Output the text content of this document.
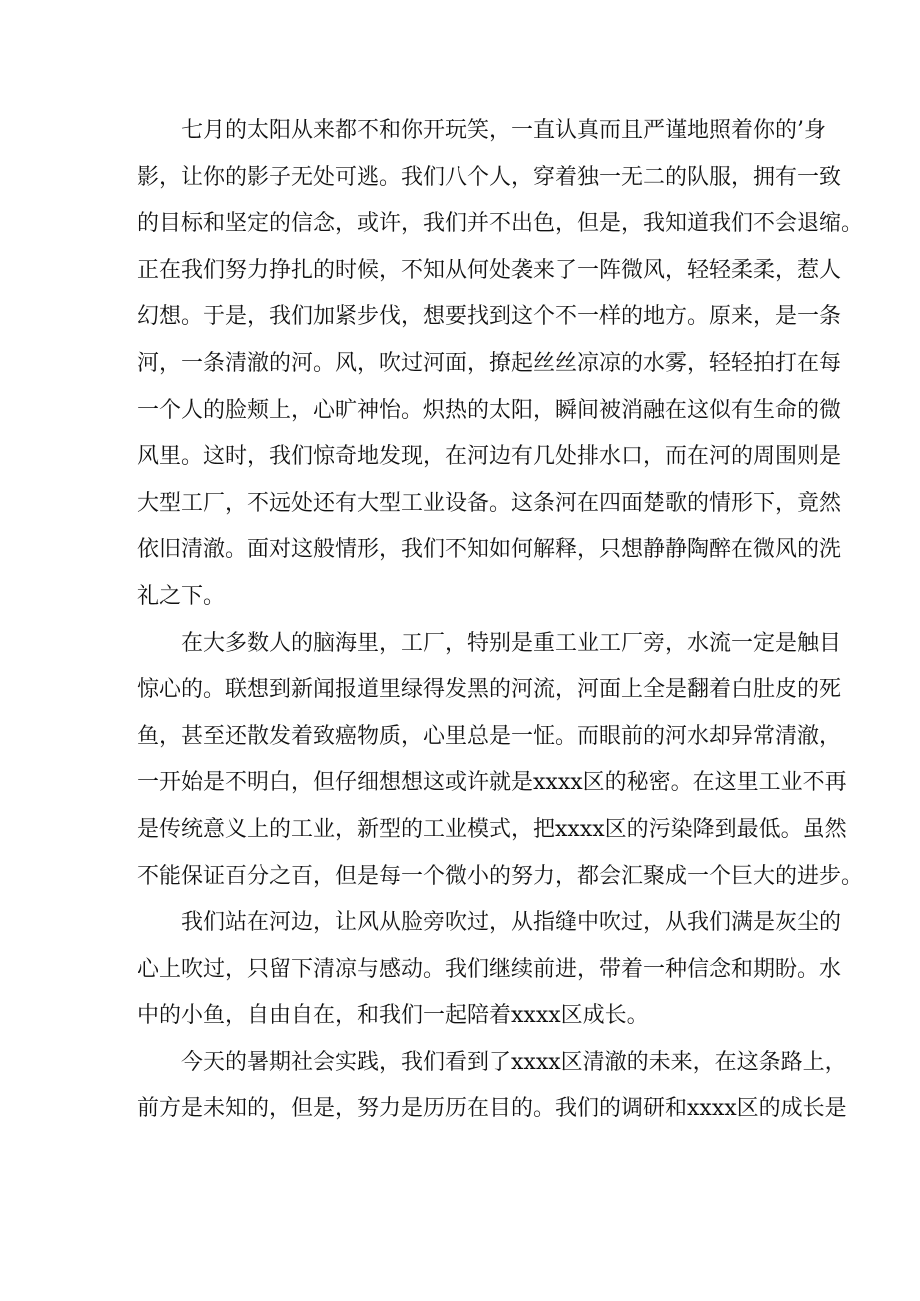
七月的太阳从来都不和你开玩笑，一直认真而且严谨地照着你的’身
影，让你的影子无处可逃。我们八个人，穿着独一无二的队服，拥有一致
的目标和坚定的信念，或许，我们并不出色，但是，我知道我们不会退缩。
正在我们努力挣扎的时候，不知从何处袭来了一阵微风，轻轻柔柔，惹人
幻想。于是，我们加紧步伐，想要找到这个不一样的地方。原来，是一条
河，一条清澈的河。风，吹过河面，撩起丝丝凉凉的水雾，轻轻拍打在每
一个人的脸颊上，心旷神怡。炽热的太阳，瞬间被消融在这似有生命的微
风里。这时，我们惊奇地发现，在河边有几处排水口，而在河的周围则是
大型工厂，不远处还有大型工业设备。这条河在四面楚歌的情形下，竟然
依旧清澈。面对这般情形，我们不知如何解释，只想静静陶醉在微风的洗
礼之下。
在大多数人的脑海里，工厂，特别是重工业工厂旁，水流一定是触目
惊心的。联想到新闻报道里绿得发黑的河流，河面上全是翻着白肚皮的死
鱼，甚至还散发着致癌物质，心里总是一怔。而眼前的河水却异常清澈，
一开始是不明白，但仔细想想这或许就是xxxx区的秘密。在这里工业不再
是传统意义上的工业，新型的工业模式，把xxxx区的污染降到最低。虽然
不能保证百分之百，但是每一个微小的努力，都会汇聚成一个巨大的进步。
我们站在河边，让风从脸旁吹过，从指缝中吹过，从我们满是灰尘的
心上吹过，只留下清凉与感动。我们继续前进，带着一种信念和期盼。水
中的小鱼，自由自在，和我们一起陪着xxxx区成长。
今天的暑期社会实践，我们看到了xxxx区清澈的未来，在这条路上，
前方是未知的，但是，努力是历历在目的。我们的调研和xxxx区的成长是
